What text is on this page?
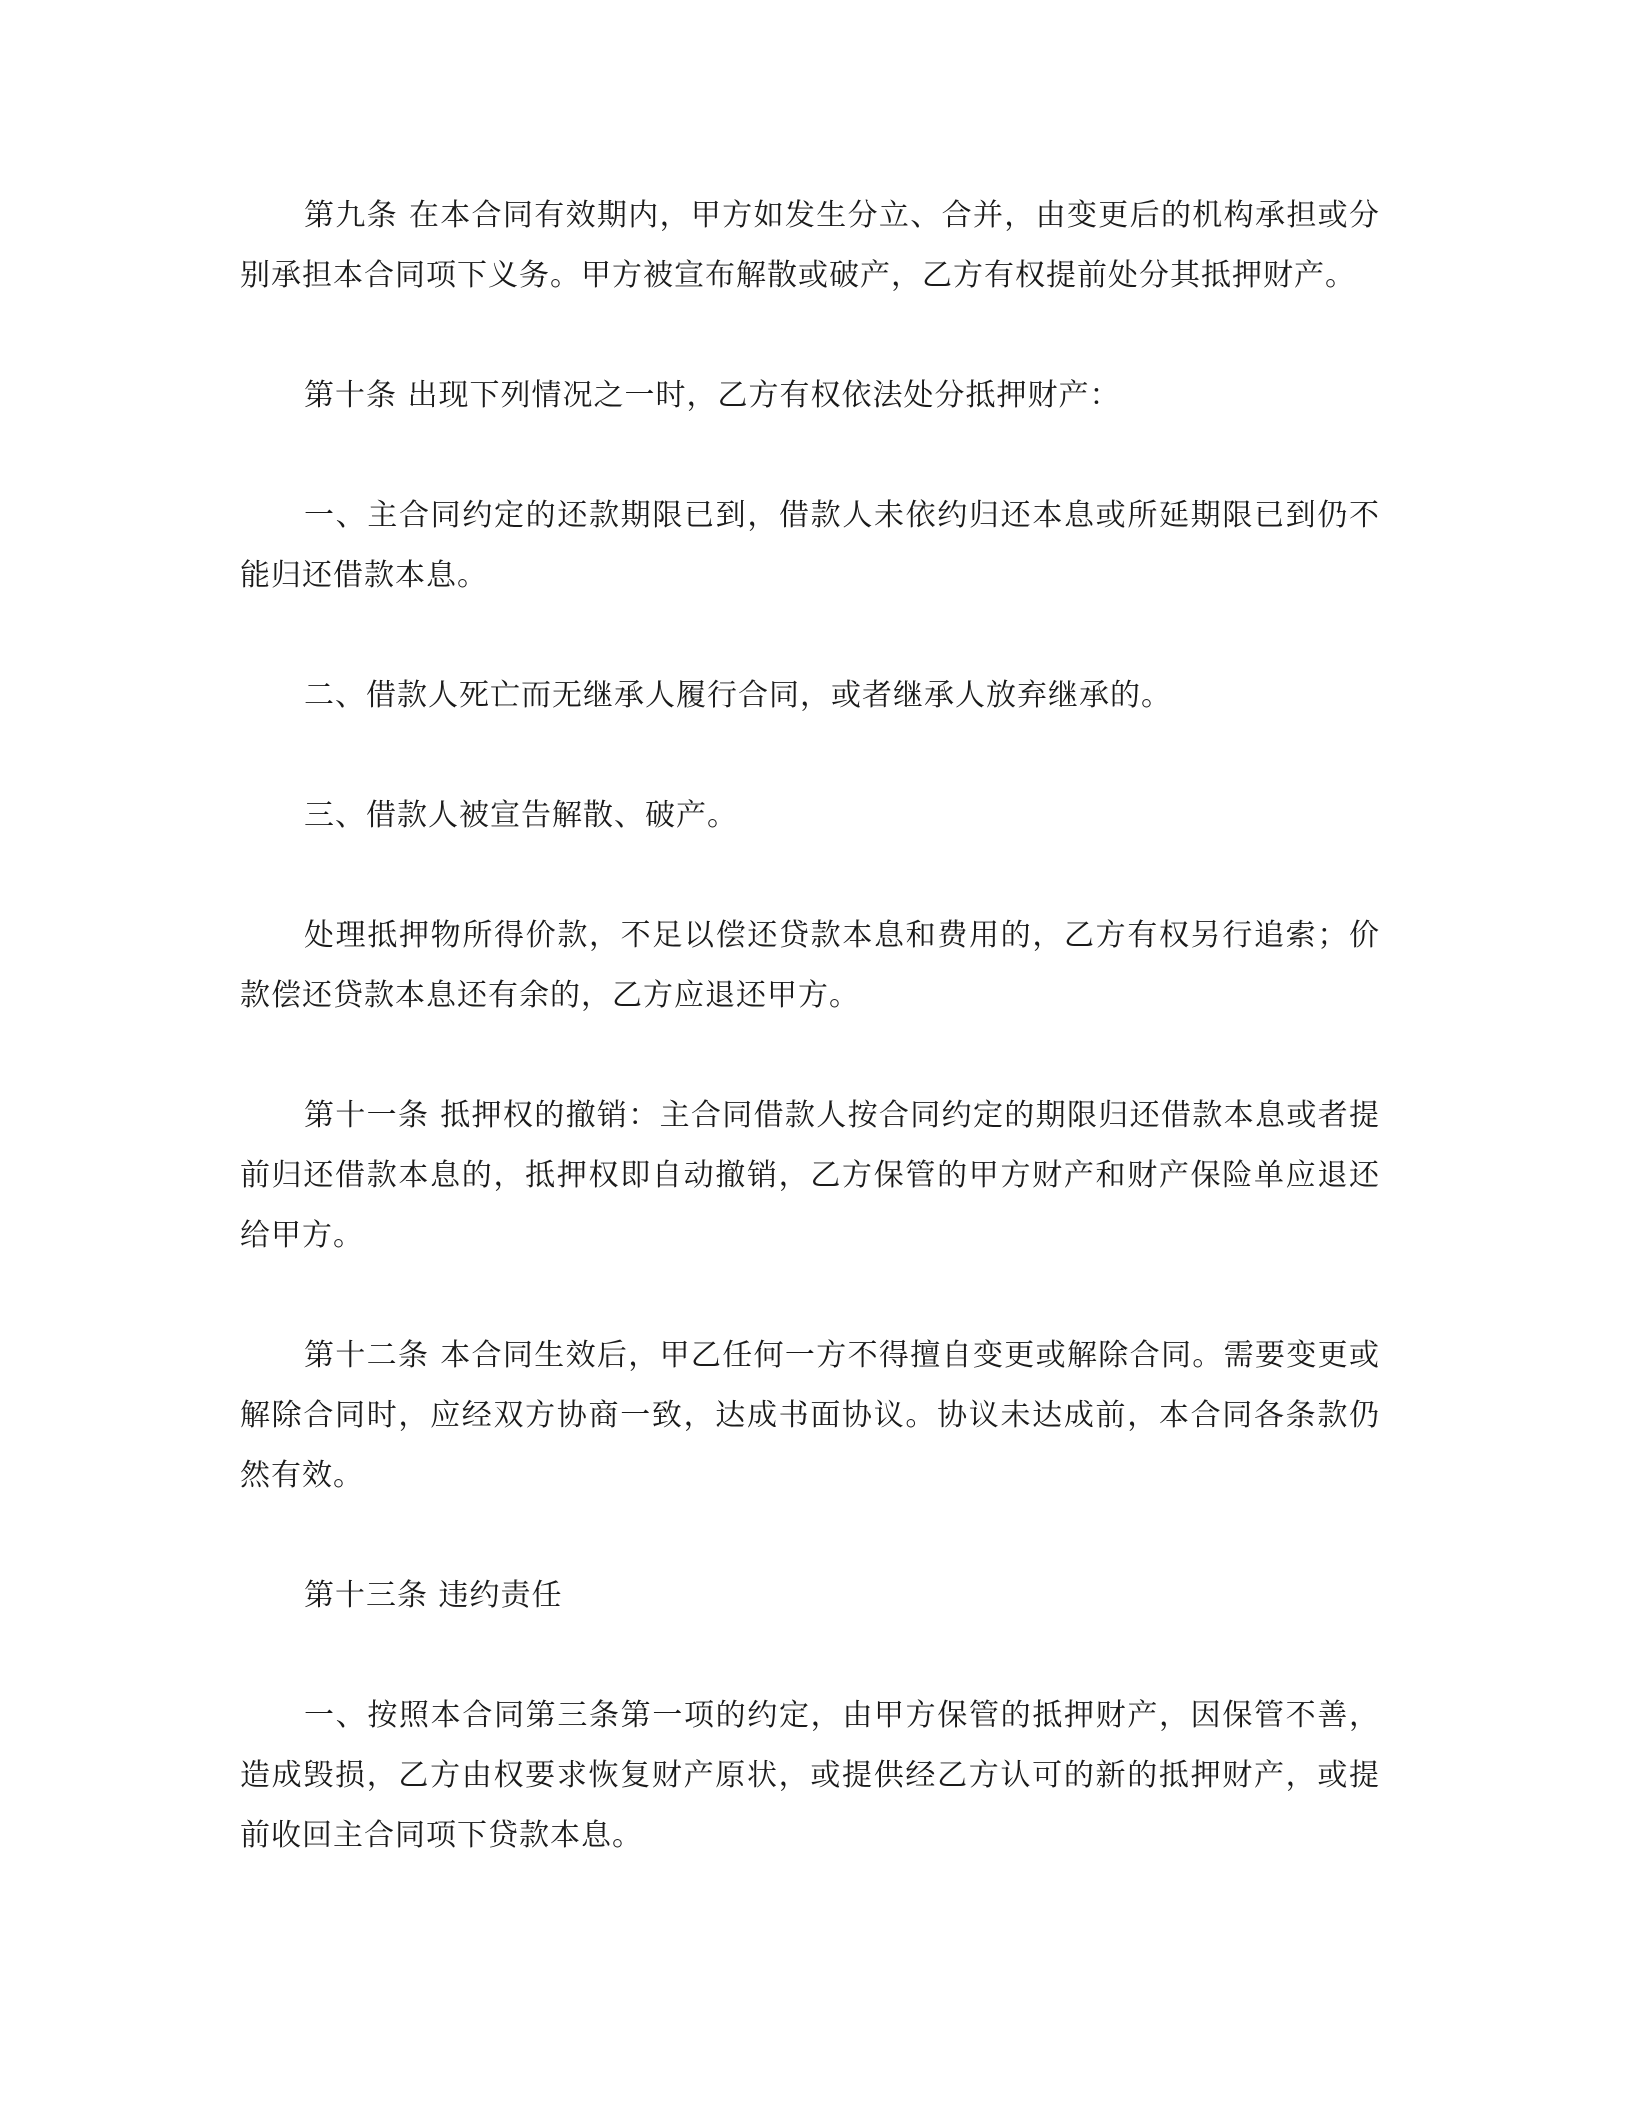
第九条 在本合同有效期内，甲方如发生分立、合并，由变更后的机构承担或分别承担本合同项下义务。甲方被宣布解散或破产，乙方有权提前处分其抵押财产。

第十条 出现下列情况之一时，乙方有权依法处分抵押财产：

一、主合同约定的还款期限已到，借款人未依约归还本息或所延期限已到仍不能归还借款本息。

二、借款人死亡而无继承人履行合同，或者继承人放弃继承的。

三、借款人被宣告解散、破产。

处理抵押物所得价款，不足以偿还贷款本息和费用的，乙方有权另行追索；价款偿还贷款本息还有余的，乙方应退还甲方。

第十一条 抵押权的撤销：主合同借款人按合同约定的期限归还借款本息或者提前归还借款本息的，抵押权即自动撤销，乙方保管的甲方财产和财产保险单应退还给甲方。

第十二条 本合同生效后，甲乙任何一方不得擅自变更或解除合同。需要变更或解除合同时，应经双方协商一致，达成书面协议。协议未达成前，本合同各条款仍然有效。

第十三条 违约责任

一、按照本合同第三条第一项的约定，由甲方保管的抵押财产，因保管不善，造成毁损，乙方由权要求恢复财产原状，或提供经乙方认可的新的抵押财产，或提前收回主合同项下贷款本息。
